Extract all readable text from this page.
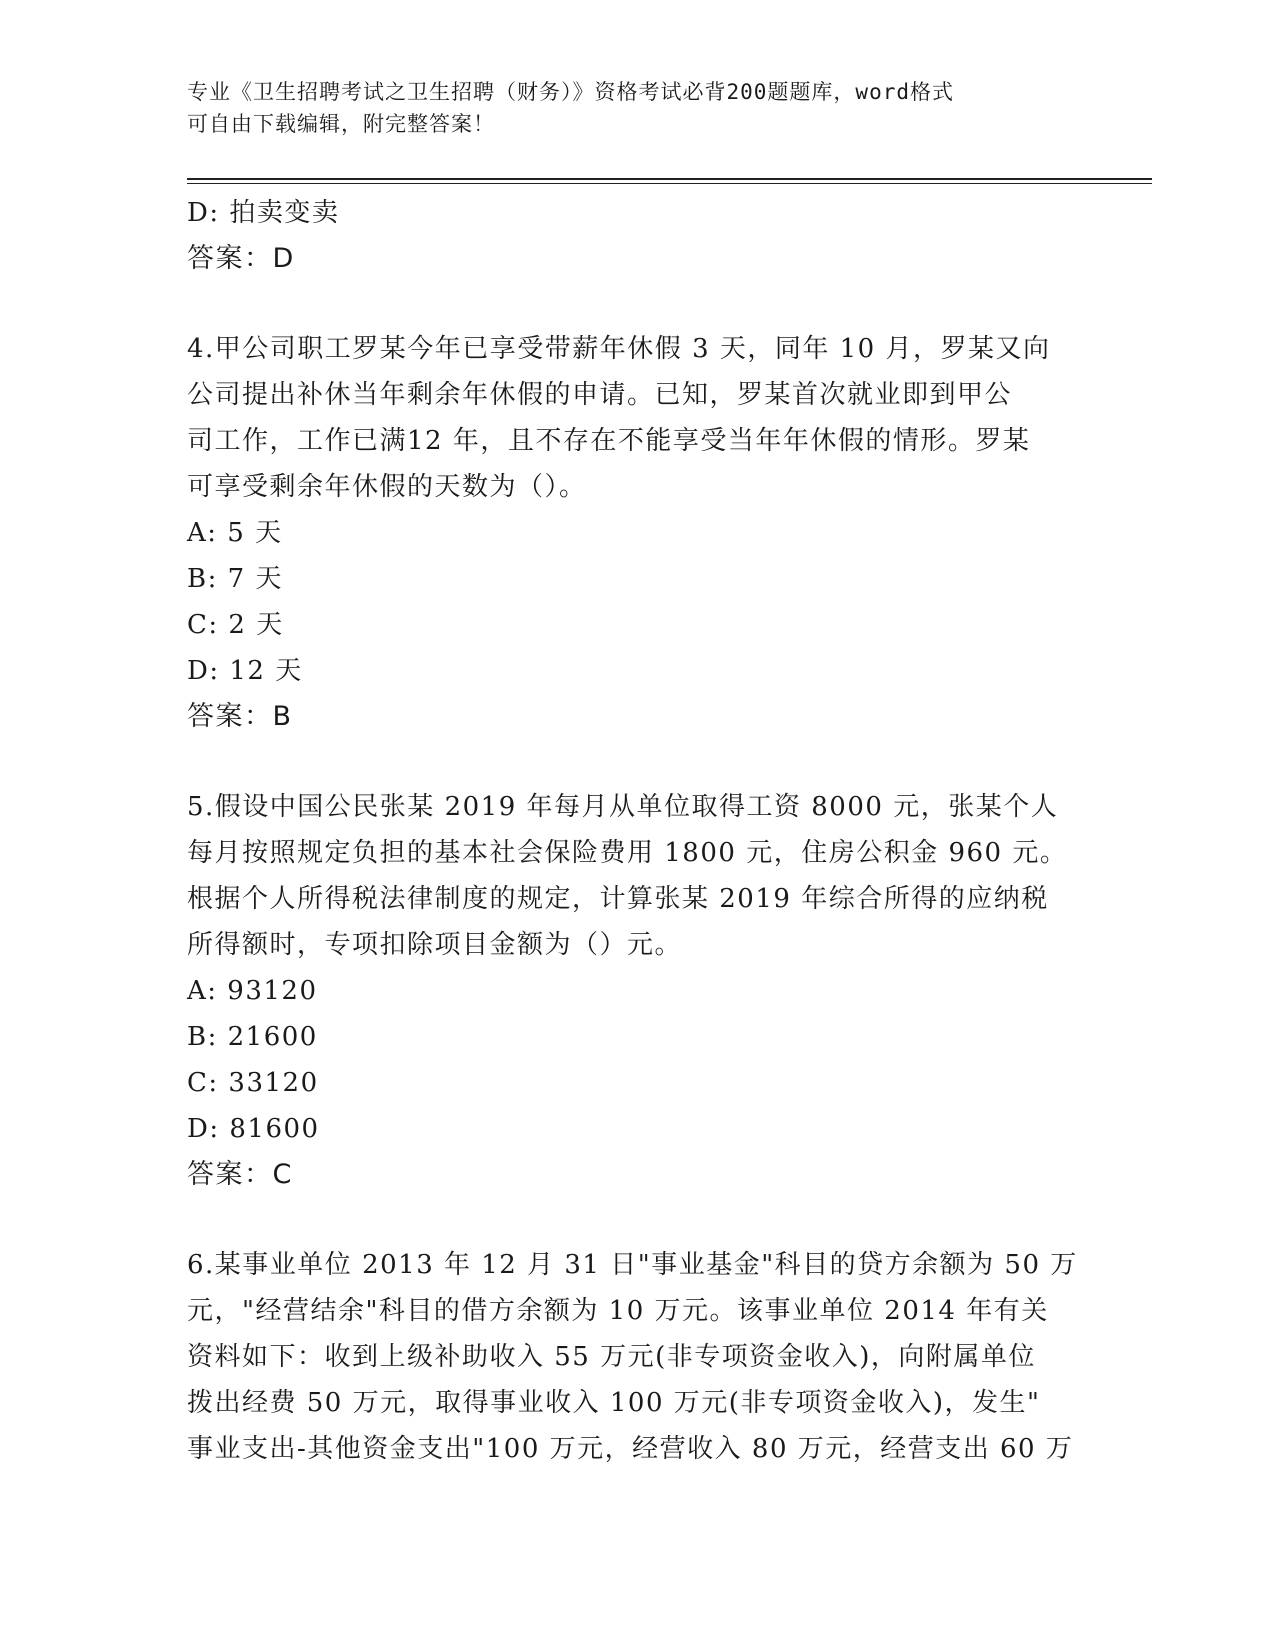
专业《卫生招聘考试之卫生招聘（财务）》资格考试必背200题题库，word格式
可自由下载编辑，附完整答案！
D: 拍卖变卖
答案：D
4.甲公司职工罗某今年已享受带薪年休假 3 天，同年 10 月，罗某又向
公司提出补休当年剩余年休假的申请。已知，罗某首次就业即到甲公
司工作，工作已满12 年，且不存在不能享受当年年休假的情形。罗某
可享受剩余年休假的天数为（）。
A: 5 天
B: 7 天
C: 2 天
D: 12 天
答案：B
5.假设中国公民张某 2019 年每月从单位取得工资 8000 元，张某个人
每月按照规定负担的基本社会保险费用 1800 元，住房公积金 960 元。
根据个人所得税法律制度的规定，计算张某 2019 年综合所得的应纳税
所得额时，专项扣除项目金额为（）元。
A: 93120
B: 21600
C: 33120
D: 81600
答案：C
6.某事业单位 2013 年 12 月 31 日"事业基金"科目的贷方余额为 50 万
元，"经营结余"科目的借方余额为 10 万元。该事业单位 2014 年有关
资料如下：收到上级补助收入 55 万元(非专项资金收入)，向附属单位
拨出经费 50 万元，取得事业收入 100 万元(非专项资金收入)，发生"
事业支出-其他资金支出"100 万元，经营收入 80 万元，经营支出 60 万
